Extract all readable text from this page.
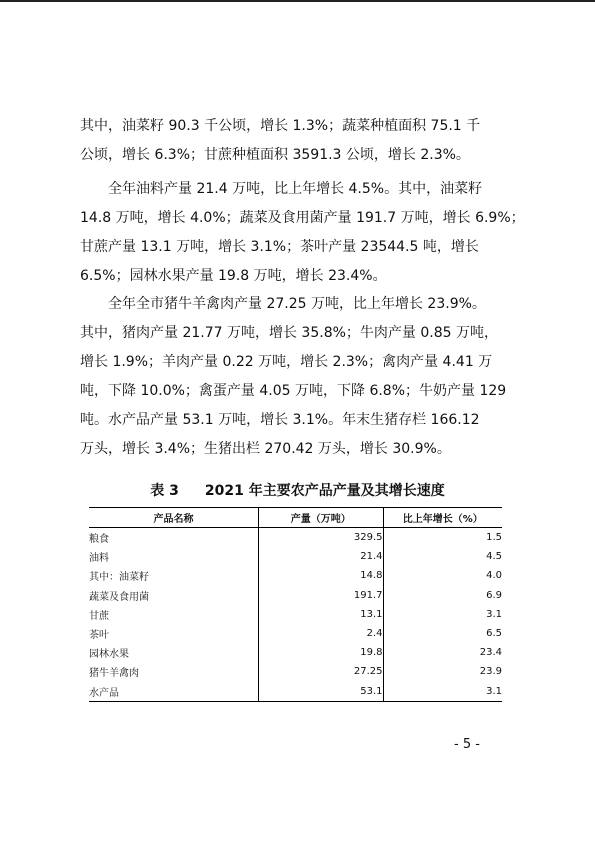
其中，油菜籽 90.3 千公顷，增长 1.3%；蔬菜种植面积 75.1 千
公顷，增长 6.3%；甘蔗种植面积 3591.3 公顷，增长 2.3%。
　　全年油料产量 21.4 万吨，比上年增长 4.5%。其中，油菜籽
14.8 万吨，增长 4.0%；蔬菜及食用菌产量 191.7 万吨，增长 6.9%；
甘蔗产量 13.1 万吨，增长 3.1%；茶叶产量 23544.5 吨，增长
6.5%；园林水果产量 19.8 万吨，增长 23.4%。
　　全年全市猪牛羊禽肉产量 27.25 万吨，比上年增长 23.9%。
其中，猪肉产量 21.77 万吨，增长 35.8%；牛肉产量 0.85 万吨，
增长 1.9%；羊肉产量 0.22 万吨，增长 2.3%；禽肉产量 4.41 万
吨，下降 10.0%；禽蛋产量 4.05 万吨，下降 6.8%；牛奶产量 129
吨。水产品产量 53.1 万吨，增长 3.1%。年末生猪存栏 166.12
万头，增长 3.4%；生猪出栏 270.42 万头，增长 30.9%。
表 3 2021 年主要农产品产量及其增长速度
产品名称	产量（万吨）	比上年增长（%）
粮食	329.5	1.5
油料	21.4	4.5
其中：油菜籽	14.8	4.0
蔬菜及食用菌	191.7	6.9
甘蔗	13.1	3.1
茶叶	2.4	6.5
园林水果	19.8	23.4
猪牛羊禽肉	27.25	23.9
水产品	53.1	3.1
- 5 -
